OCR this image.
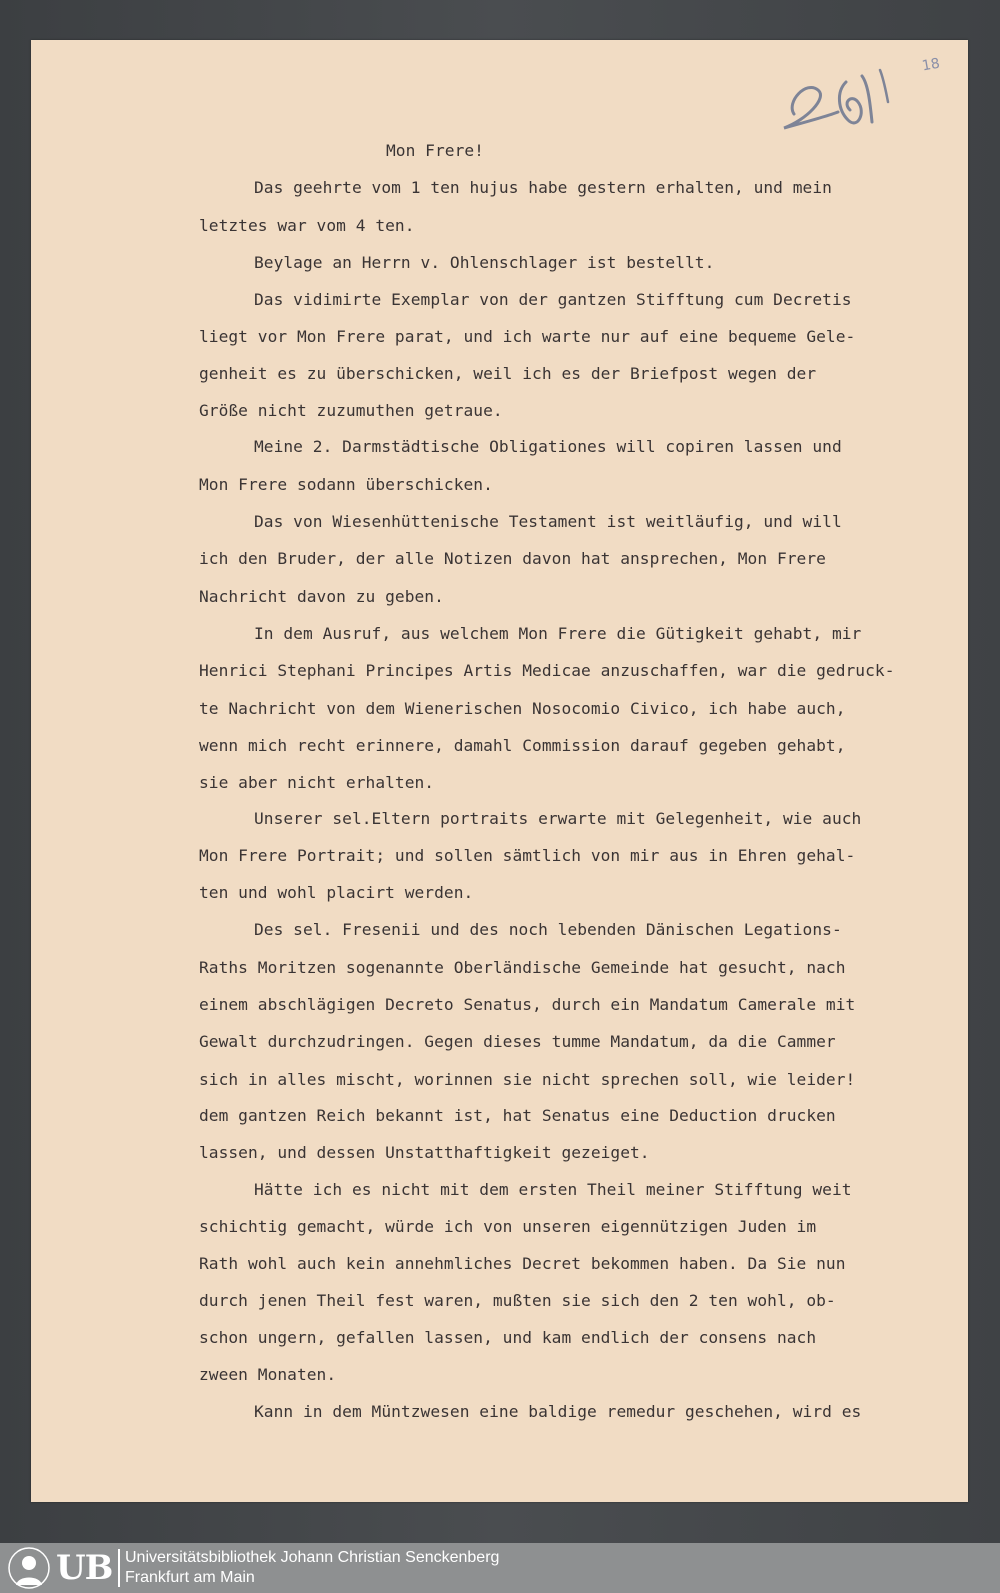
18
Mon Frere!
Das geehrte vom 1 ten hujus habe gestern erhalten, und mein
letztes war vom 4 ten.
Beylage an Herrn v. Ohlenschlager ist bestellt.
Das vidimirte Exemplar von der gantzen Stifftung cum Decretis
liegt vor Mon Frere parat, und ich warte nur auf eine bequeme Gele-
genheit es zu überschicken, weil ich es der Briefpost wegen der
Größe nicht zuzumuthen getraue.
Meine 2. Darmstädtische Obligationes will copiren lassen und
Mon Frere sodann überschicken.
Das von Wiesenhüttenische Testament ist weitläufig, und will
ich den Bruder, der alle Notizen davon hat ansprechen, Mon Frere
Nachricht davon zu geben.
In dem Ausruf, aus welchem Mon Frere die Gütigkeit gehabt, mir
Henrici Stephani Principes Artis Medicae anzuschaffen, war die gedruck-
te Nachricht von dem Wienerischen Nosocomio Civico, ich habe auch,
wenn mich recht erinnere, damahl Commission darauf gegeben gehabt,
sie aber nicht erhalten.
Unserer sel.Eltern portraits erwarte mit Gelegenheit, wie auch
Mon Frere Portrait; und sollen sämtlich von mir aus in Ehren gehal-
ten und wohl placirt werden.
Des sel. Fresenii und des noch lebenden Dänischen Legations-
Raths Moritzen sogenannte Oberländische Gemeinde hat gesucht, nach
einem abschlägigen Decreto Senatus, durch ein Mandatum Camerale mit
Gewalt durchzudringen. Gegen dieses tumme Mandatum, da die Cammer
sich in alles mischt, worinnen sie nicht sprechen soll, wie leider!
dem gantzen Reich bekannt ist, hat Senatus eine Deduction drucken
lassen, und dessen Unstatthaftigkeit gezeiget.
Hätte ich es nicht mit dem ersten Theil meiner Stifftung weit
schichtig gemacht, würde ich von unseren eigennützigen Juden im
Rath wohl auch kein annehmliches Decret bekommen haben. Da Sie nun
durch jenen Theil fest waren, mußten sie sich den 2 ten wohl, ob-
schon ungern, gefallen lassen, und kam endlich der consens nach
zween Monaten.
Kann in dem Müntzwesen eine baldige remedur geschehen, wird es
UB Universitätsbibliothek Johann Christian Senckenberg
Frankfurt am Main
